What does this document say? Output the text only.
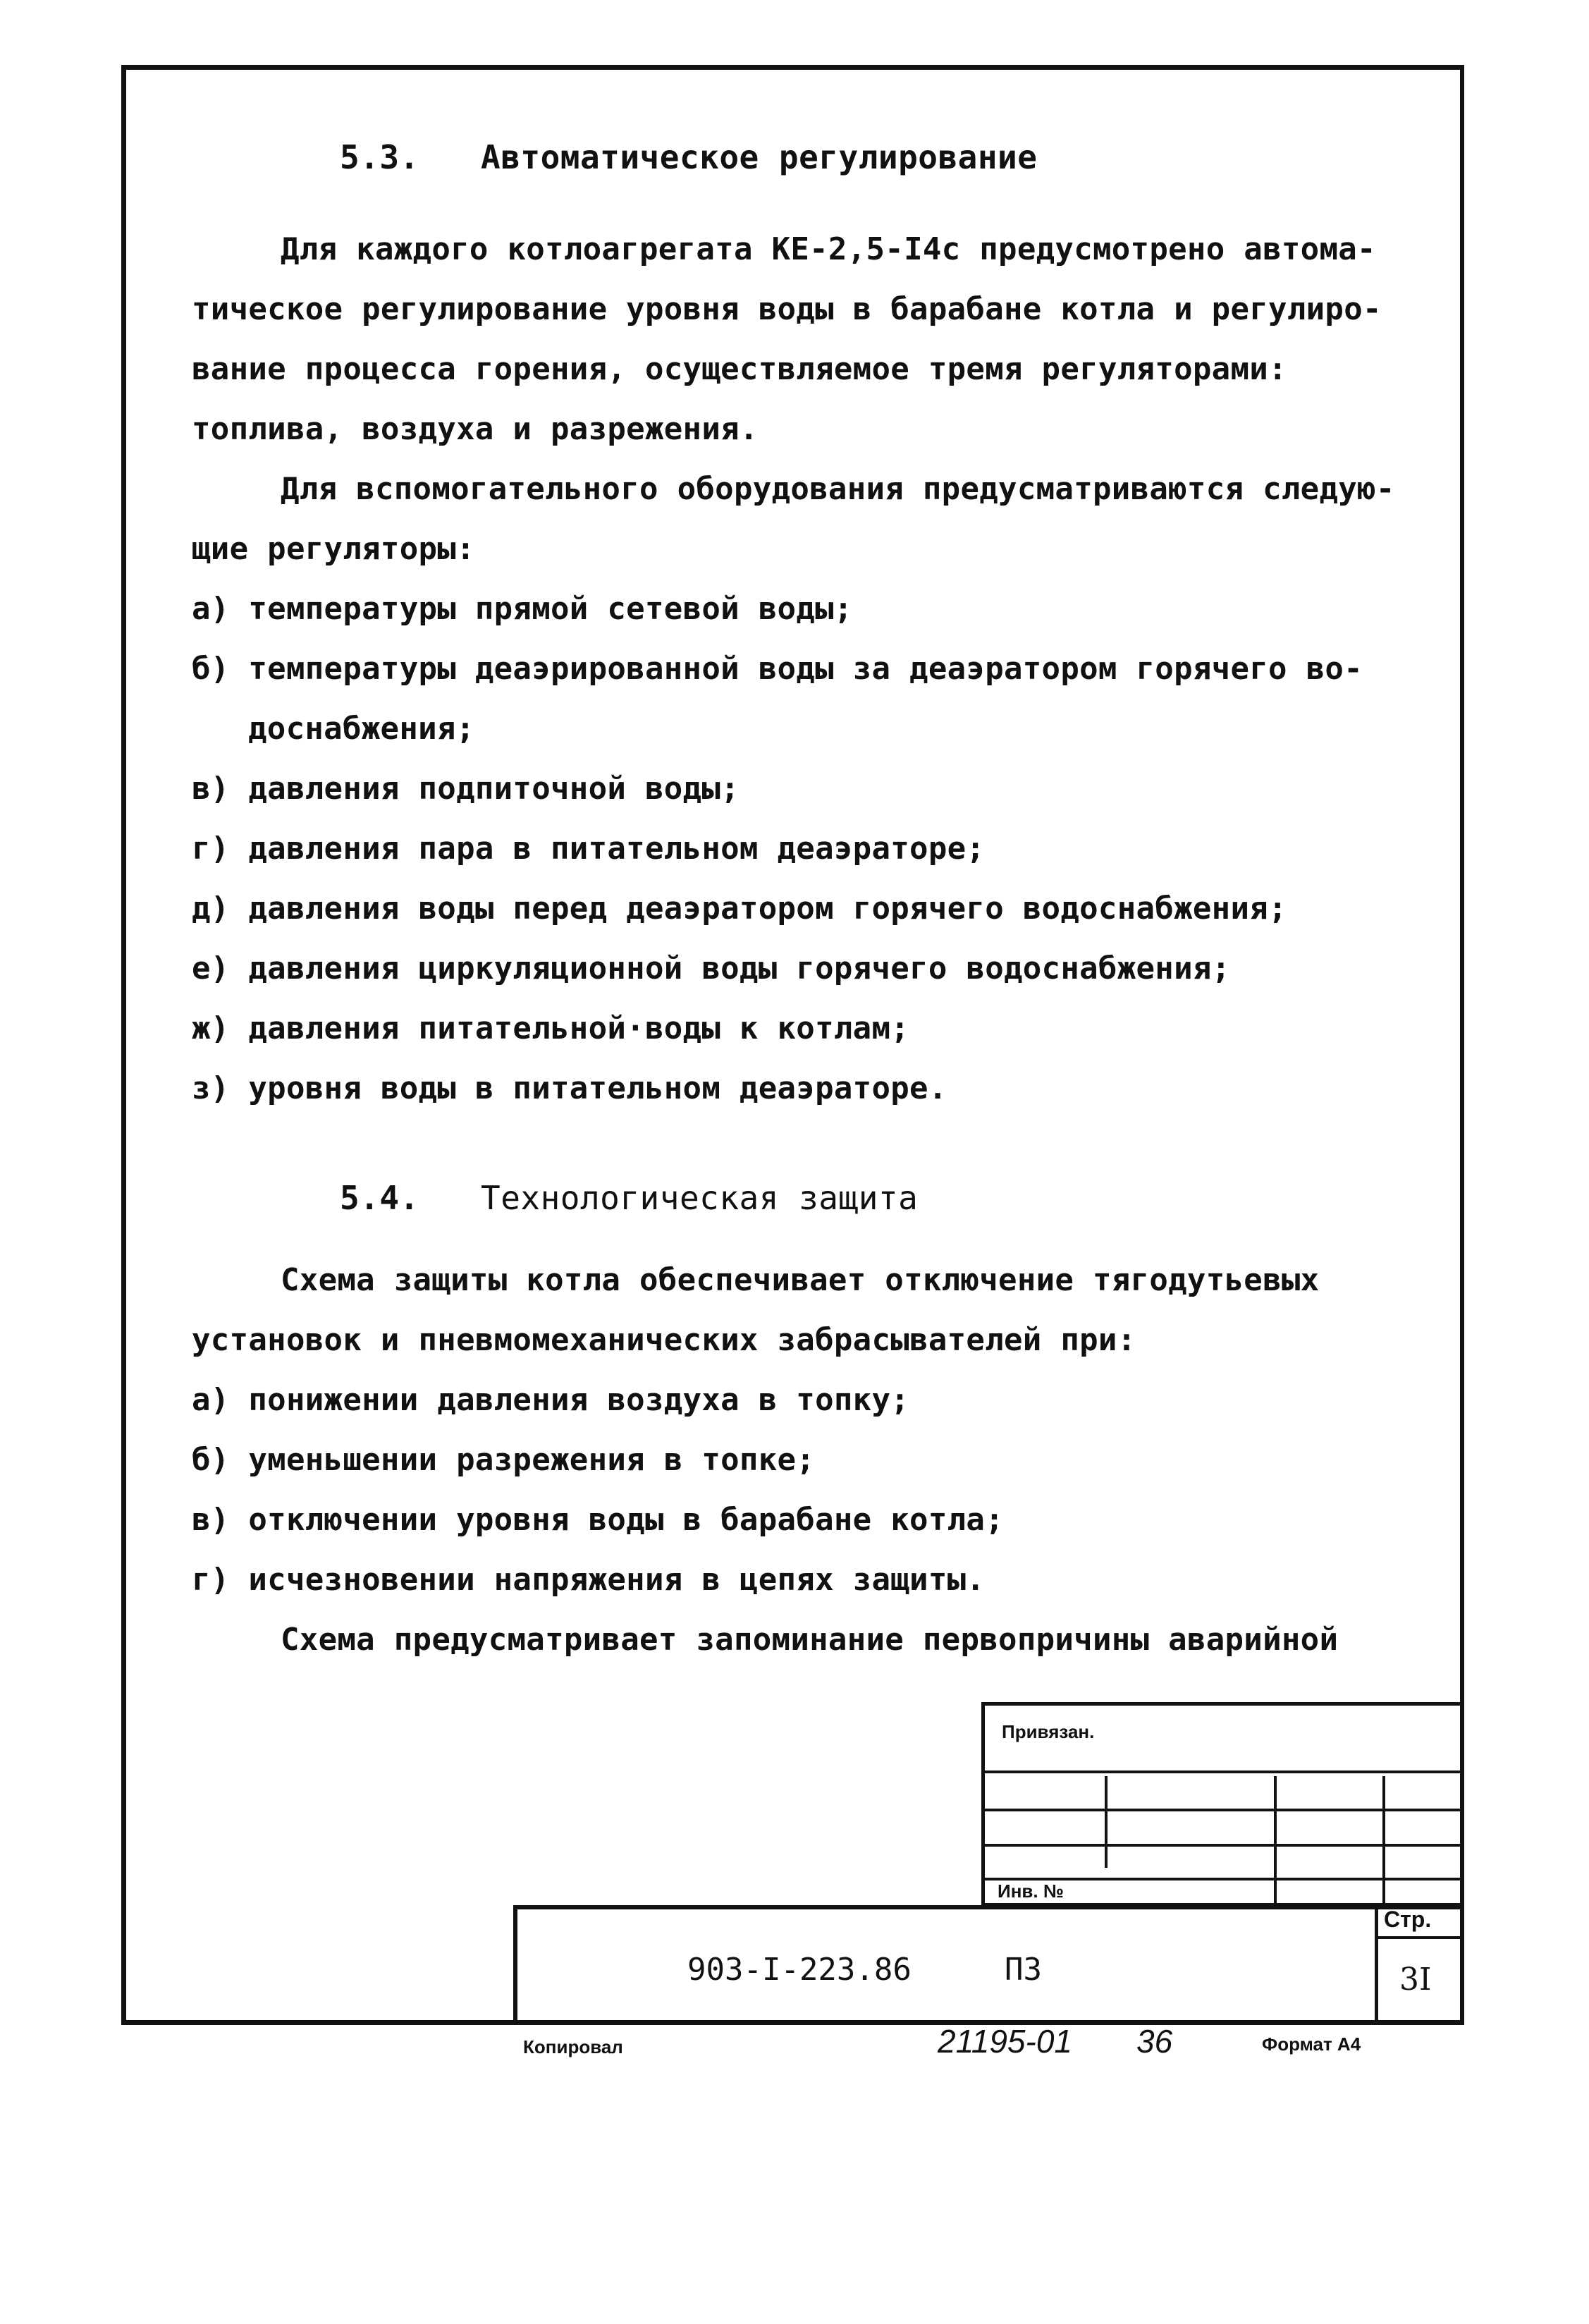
5.3. Автоматическое регулирование
Для каждого котлоагрегата КЕ-2,5-I4с предусмотрено автома-
тическое регулирование уровня воды в барабане котла и регулиро-
вание процесса горения, осуществляемое тремя регуляторами:
топлива, воздуха и разрежения.
Для вспомогательного оборудования предусматриваются следую-
щие регуляторы:
а) температуры прямой сетевой воды;
б) температуры деаэрированной воды за деаэратором горячего во-
доснабжения;
в) давления подпиточной воды;
г) давления пара в питательном деаэраторе;
д) давления воды перед деаэратором горячего водоснабжения;
е) давления циркуляционной воды горячего водоснабжения;
ж) давления питательной·воды к котлам;
з) уровня воды в питательном деаэраторе.
5.4. Технологическая защита
Схема защиты котла обеспечивает отключение тягодутьевых
установок и пневмомеханических забрасывателей при:
а) понижении давления воздуха в топку;
б) уменьшении разрежения в топке;
в) отключении уровня воды в барабане котла;
г) исчезновении напряжения в цепях защиты.
Схема предусматривает запоминание первопричины аварийной
Привязан.
Инв. №
903-I-223.86	ПЗ
Стр.
3I
Копировал	21195-01 36	Формат А4
